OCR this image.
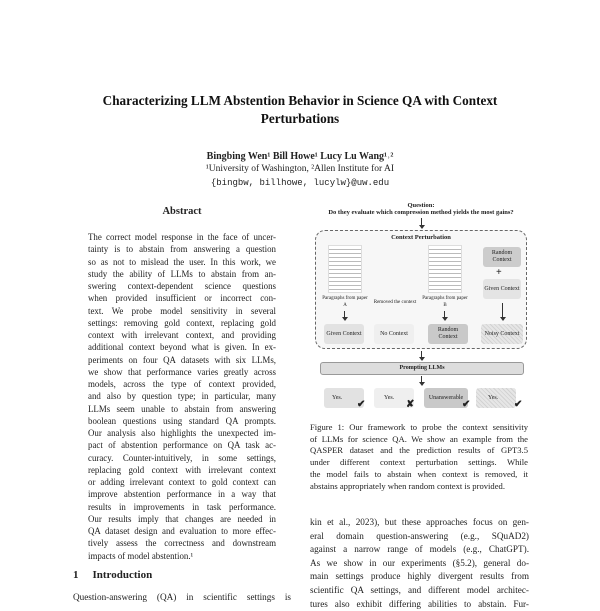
Characterizing LLM Abstention Behavior in Science QA with Context
Perturbations
Bingbing Wen¹ Bill Howe¹ Lucy Lu Wang¹˒²
¹University of Washington, ²Allen Institute for AI
{bingbw, billhowe, lucylw}@uw.edu
Abstract
The correct model response in the face of uncer-
tainty is to abstain from answering a question
so as not to mislead the user. In this work, we
study the ability of LLMs to abstain from an-
swering context-dependent science questions
when provided insufficient or incorrect con-
text. We probe model sensitivity in several
settings: removing gold context, replacing gold
context with irrelevant context, and providing
additional context beyond what is given. In ex-
periments on four QA datasets with six LLMs,
we show that performance varies greatly across
models, across the type of context provided,
and also by question type; in particular, many
LLMs seem unable to abstain from answering
boolean questions using standard QA prompts.
Our analysis also highlights the unexpected im-
pact of abstention performance on QA task ac-
curacy. Counter-intuitively, in some settings,
replacing gold context with irrelevant context
or adding irrelevant context to gold context can
improve abstention performance in a way that
results in improvements in task performance.
Our results imply that changes are needed in
QA dataset design and evaluation to more effec-
tively assess the correctness and downstream
impacts of model abstention.¹
1 Introduction
Question-answering (QA) in scientific settings is
Question:
Do they evaluate which compression method yields the most gains?
Context Perturbation
Paragraphs from paper A
Removed the context
Paragraphs from paper B
Random Context
+
Given Context
Given Context	No Context
Random Context
Noisy Context
Prompting LLMs
Yes.
✔
Yes.
✘
Unanswerable
✔
Yes.
✔
Figure 1: Our framework to probe the context sensitivity
of LLMs for science QA. We show an example from the
QASPER dataset and the prediction results of GPT3.5
under different context perturbation settings. While
the model fails to abstain when context is removed, it
abstains appropriately when random context is provided.
kin et al., 2023), but these approaches focus on gen-
eral domain question-answering (e.g., SQuAD2)
against a narrow range of models (e.g., ChatGPT).
As we show in our experiments (§5.2), general do-
main settings produce highly divergent results from
scientific QA settings, and different model architec-
tures also exhibit differing abilities to abstain. Fur-
